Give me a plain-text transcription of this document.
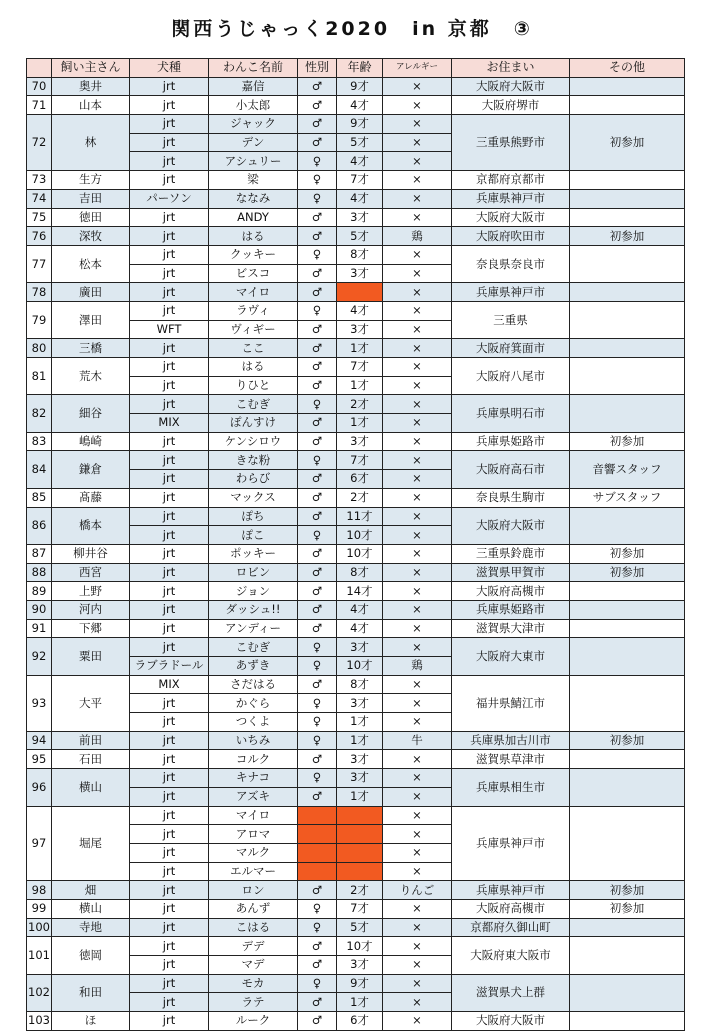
関西うじゃっく2020　in 京都　③
	飼い主さん	犬種	わんこ名前	性別	年齢	アレルギー	お住まい	その他
70	奥井	jrt	嘉信	♂	9才	×	大阪府大阪市	
71	山本	jrt	小太郎	♂	4才	×	大阪府堺市	
72	林	jrt	ジャック	♂	9才	×	三重県熊野市	初参加
		jrt	デン	♂	5才	×		
		jrt	アシュリー	♀	4才	×		
73	生方	jrt	梁	♀	7才	×	京都府京都市	
74	吉田	パーソン	ななみ	♀	4才	×	兵庫県神戸市	
75	徳田	jrt	ANDY	♂	3才	×	大阪府大阪市	
76	深牧	jrt	はる	♂	5才	鶏	大阪府吹田市	初参加
77	松本	jrt	クッキー	♀	8才	×	奈良県奈良市	
		jrt	ビスコ	♂	3才	×		
78	廣田	jrt	マイロ	♂		×	兵庫県神戸市	
79	澤田	jrt	ラヴィ	♀	4才	×	三重県	
		WFT	ヴィギー	♂	3才	×		
80	三橋	jrt	ここ	♂	1才	×	大阪府箕面市	
81	荒木	jrt	はる	♂	7才	×	大阪府八尾市	
		jrt	りひと	♂	1才	×		
82	細谷	jrt	こむぎ	♀	2才	×	兵庫県明石市	
		MIX	ぽんすけ	♂	1才	×		
83	嶋崎	jrt	ケンシロウ	♂	3才	×	兵庫県姫路市	初参加
84	鎌倉	jrt	きな粉	♀	7才	×	大阪府高石市	音響スタッフ
		jrt	わらび	♂	6才	×		
85	髙藤	jrt	マックス	♂	2才	×	奈良県生駒市	サブスタッフ
86	橋本	jrt	ぽち	♂	11才	×	大阪府大阪市	
		jrt	ぽこ	♀	10才	×		
87	柳井谷	jrt	ポッキー	♂	10才	×	三重県鈴鹿市	初参加
88	西宮	jrt	ロビン	♂	8才	×	滋賀県甲賀市	初参加
89	上野	jrt	ジョン	♂	14才	×	大阪府高槻市	
90	河内	jrt	ダッシュ!!	♂	4才	×	兵庫県姫路市	
91	下郷	jrt	アンディー	♂	4才	×	滋賀県大津市	
92	粟田	jrt	こむぎ	♀	3才	×	大阪府大東市	
		ラブラドール	あずき	♀	10才	鶏		
93	大平	MIX	さだはる	♂	8才	×	福井県鯖江市	
		jrt	かぐら	♀	3才	×		
		jrt	つくよ	♀	1才	×		
94	前田	jrt	いちみ	♀	1才	牛	兵庫県加古川市	初参加
95	石田	jrt	コルク	♂	3才	×	滋賀県草津市	
96	横山	jrt	キナコ	♀	3才	×	兵庫県相生市	
		jrt	アズキ	♂	1才	×		
97	堀尾	jrt	マイロ			×	兵庫県神戸市	
		jrt	アロマ			×		
		jrt	マルク			×		
		jrt	エルマー			×		
98	畑	jrt	ロン	♂	2才	りんご	兵庫県神戸市	初参加
99	横山	jrt	あんず	♀	7才	×	大阪府高槻市	初参加
100	寺地	jrt	こはる	♀	5才	×	京都府久御山町	
101	徳岡	jrt	デデ	♂	10才	×	大阪府東大阪市	
		jrt	マデ	♂	3才	×		
102	和田	jrt	モカ	♀	9才	×	滋賀県犬上群	
		jrt	ラテ	♂	1才	×		
103	ほ	jrt	ルーク	♂	6才	×	大阪府大阪市	
